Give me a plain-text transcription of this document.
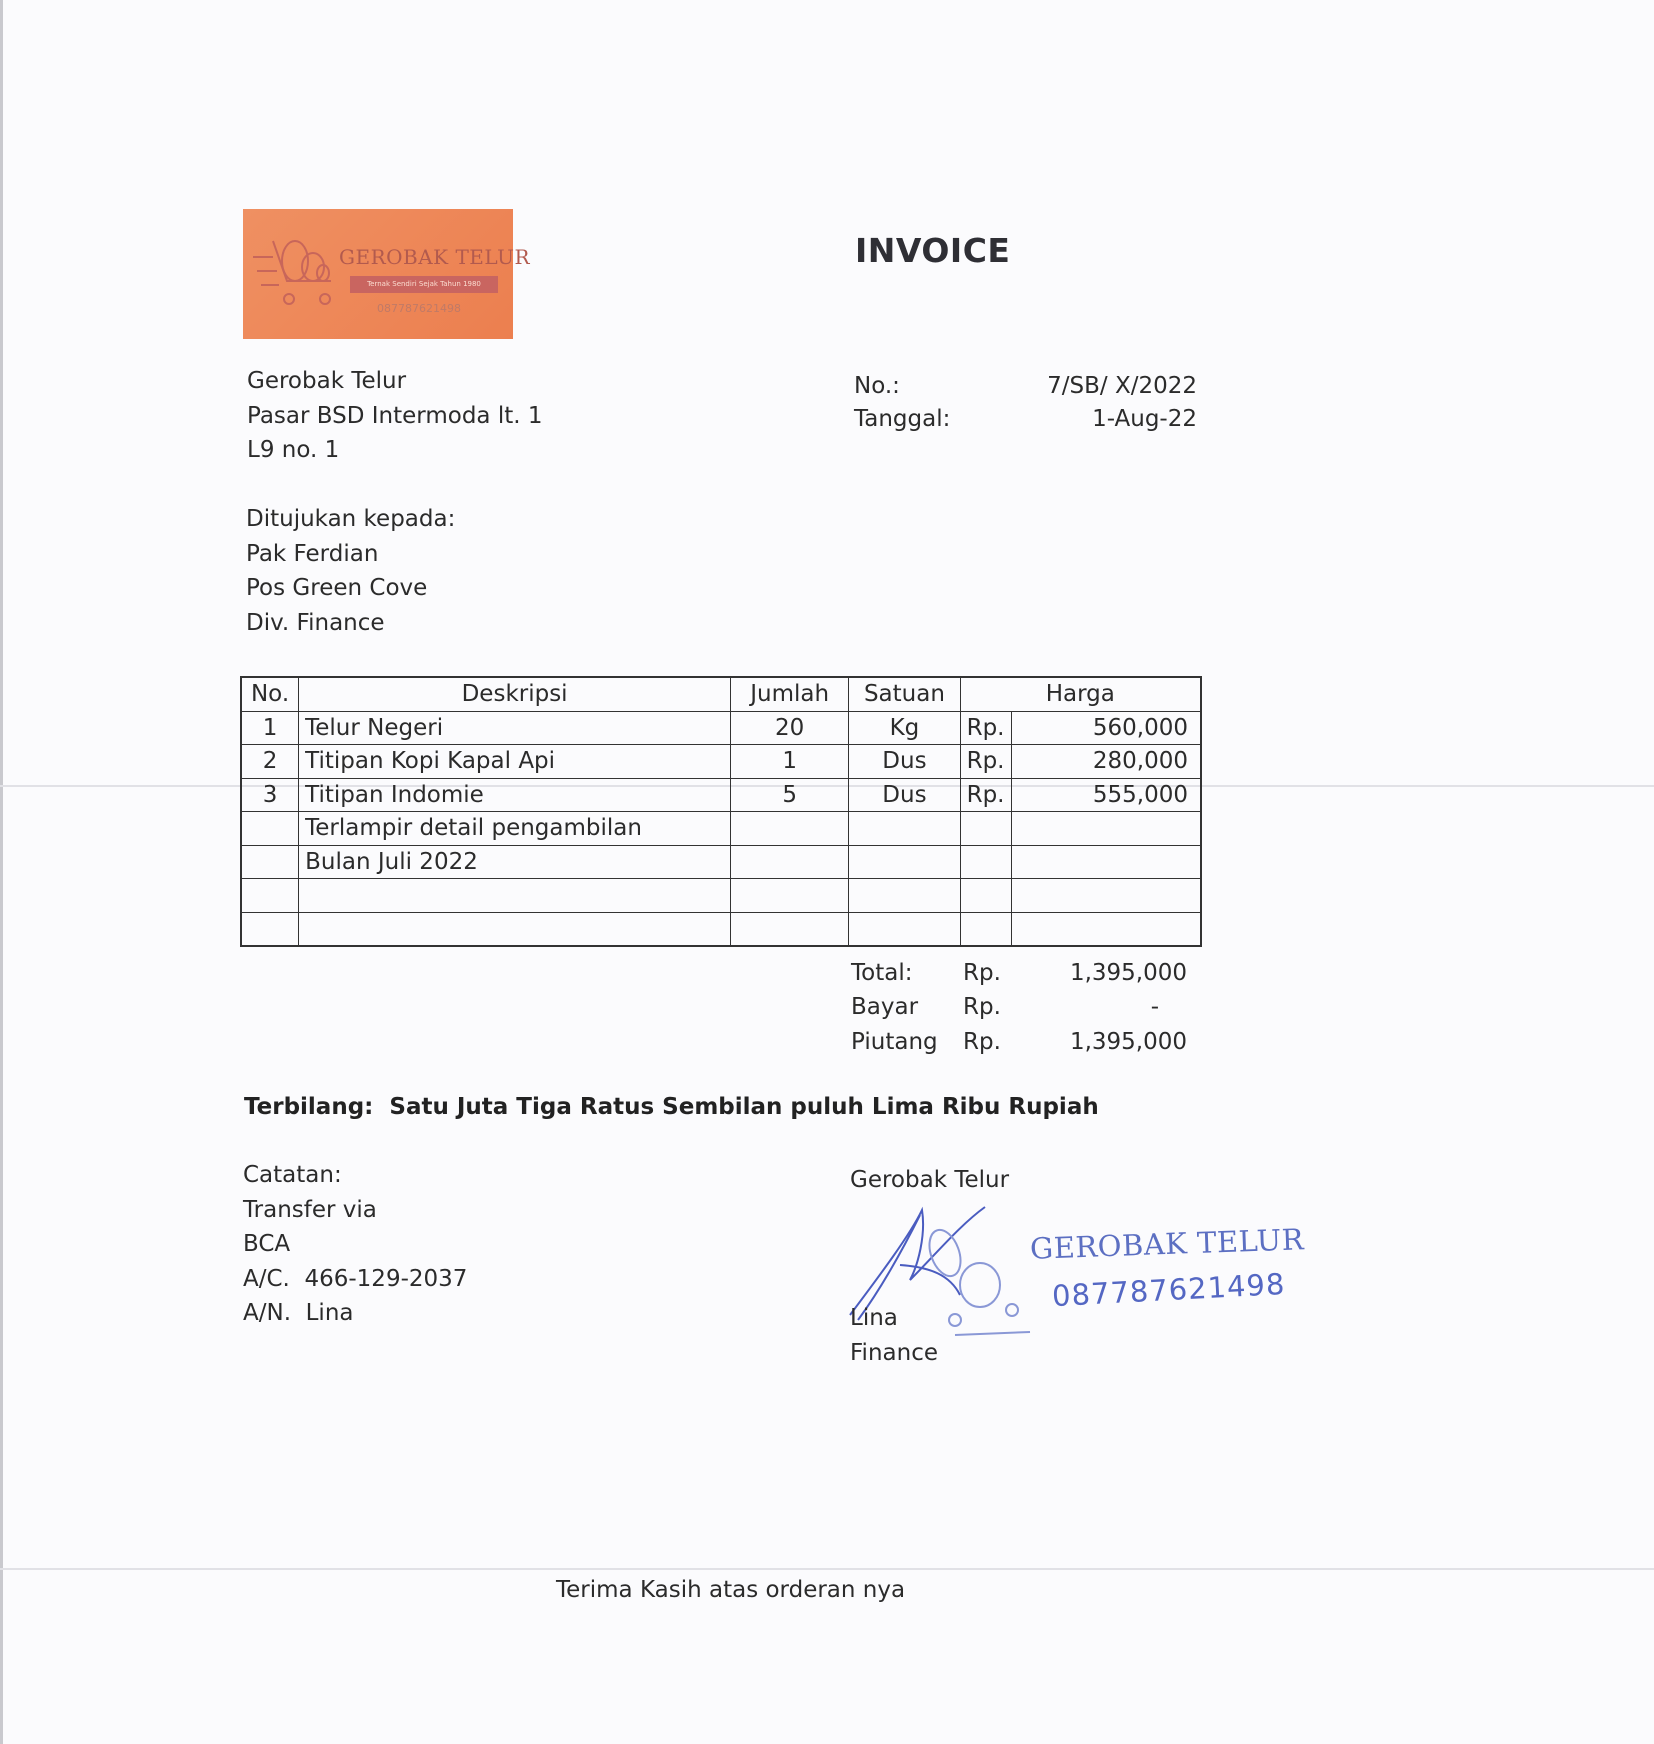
GEROBAK TELUR
Ternak Sendiri Sejak Tahun 1980
087787621498
INVOICE
Gerobak Telur
Pasar BSD Intermoda lt. 1
L9 no. 1
No.:	7/SB/ X/2022
Tanggal:	1-Aug-22
Ditujukan kepada:
Pak Ferdian
Pos Green Cove
Div. Finance
No.	Deskripsi	Jumlah	Satuan	Harga	
1	Telur Negeri	20	Kg	Rp.	560,000
2	Titipan Kopi Kapal Api	1	Dus	Rp.	280,000
3	Titipan Indomie	5	Dus	Rp.	555,000
	Terlampir detail pengambilan				
	Bulan Juli 2022				

Total: Rp.	1,395,000
Bayar Rp.	-
Piutang Rp.	1,395,000
Terbilang: Satu Juta Tiga Ratus Sembilan puluh Lima Ribu Rupiah
Catatan:
Transfer via
BCA
A/C.  466-129-2037
A/N.  Lina
Gerobak Telur
GEROBAK TELUR
087787621498
Lina
Finance
Terima Kasih atas orderan nya
